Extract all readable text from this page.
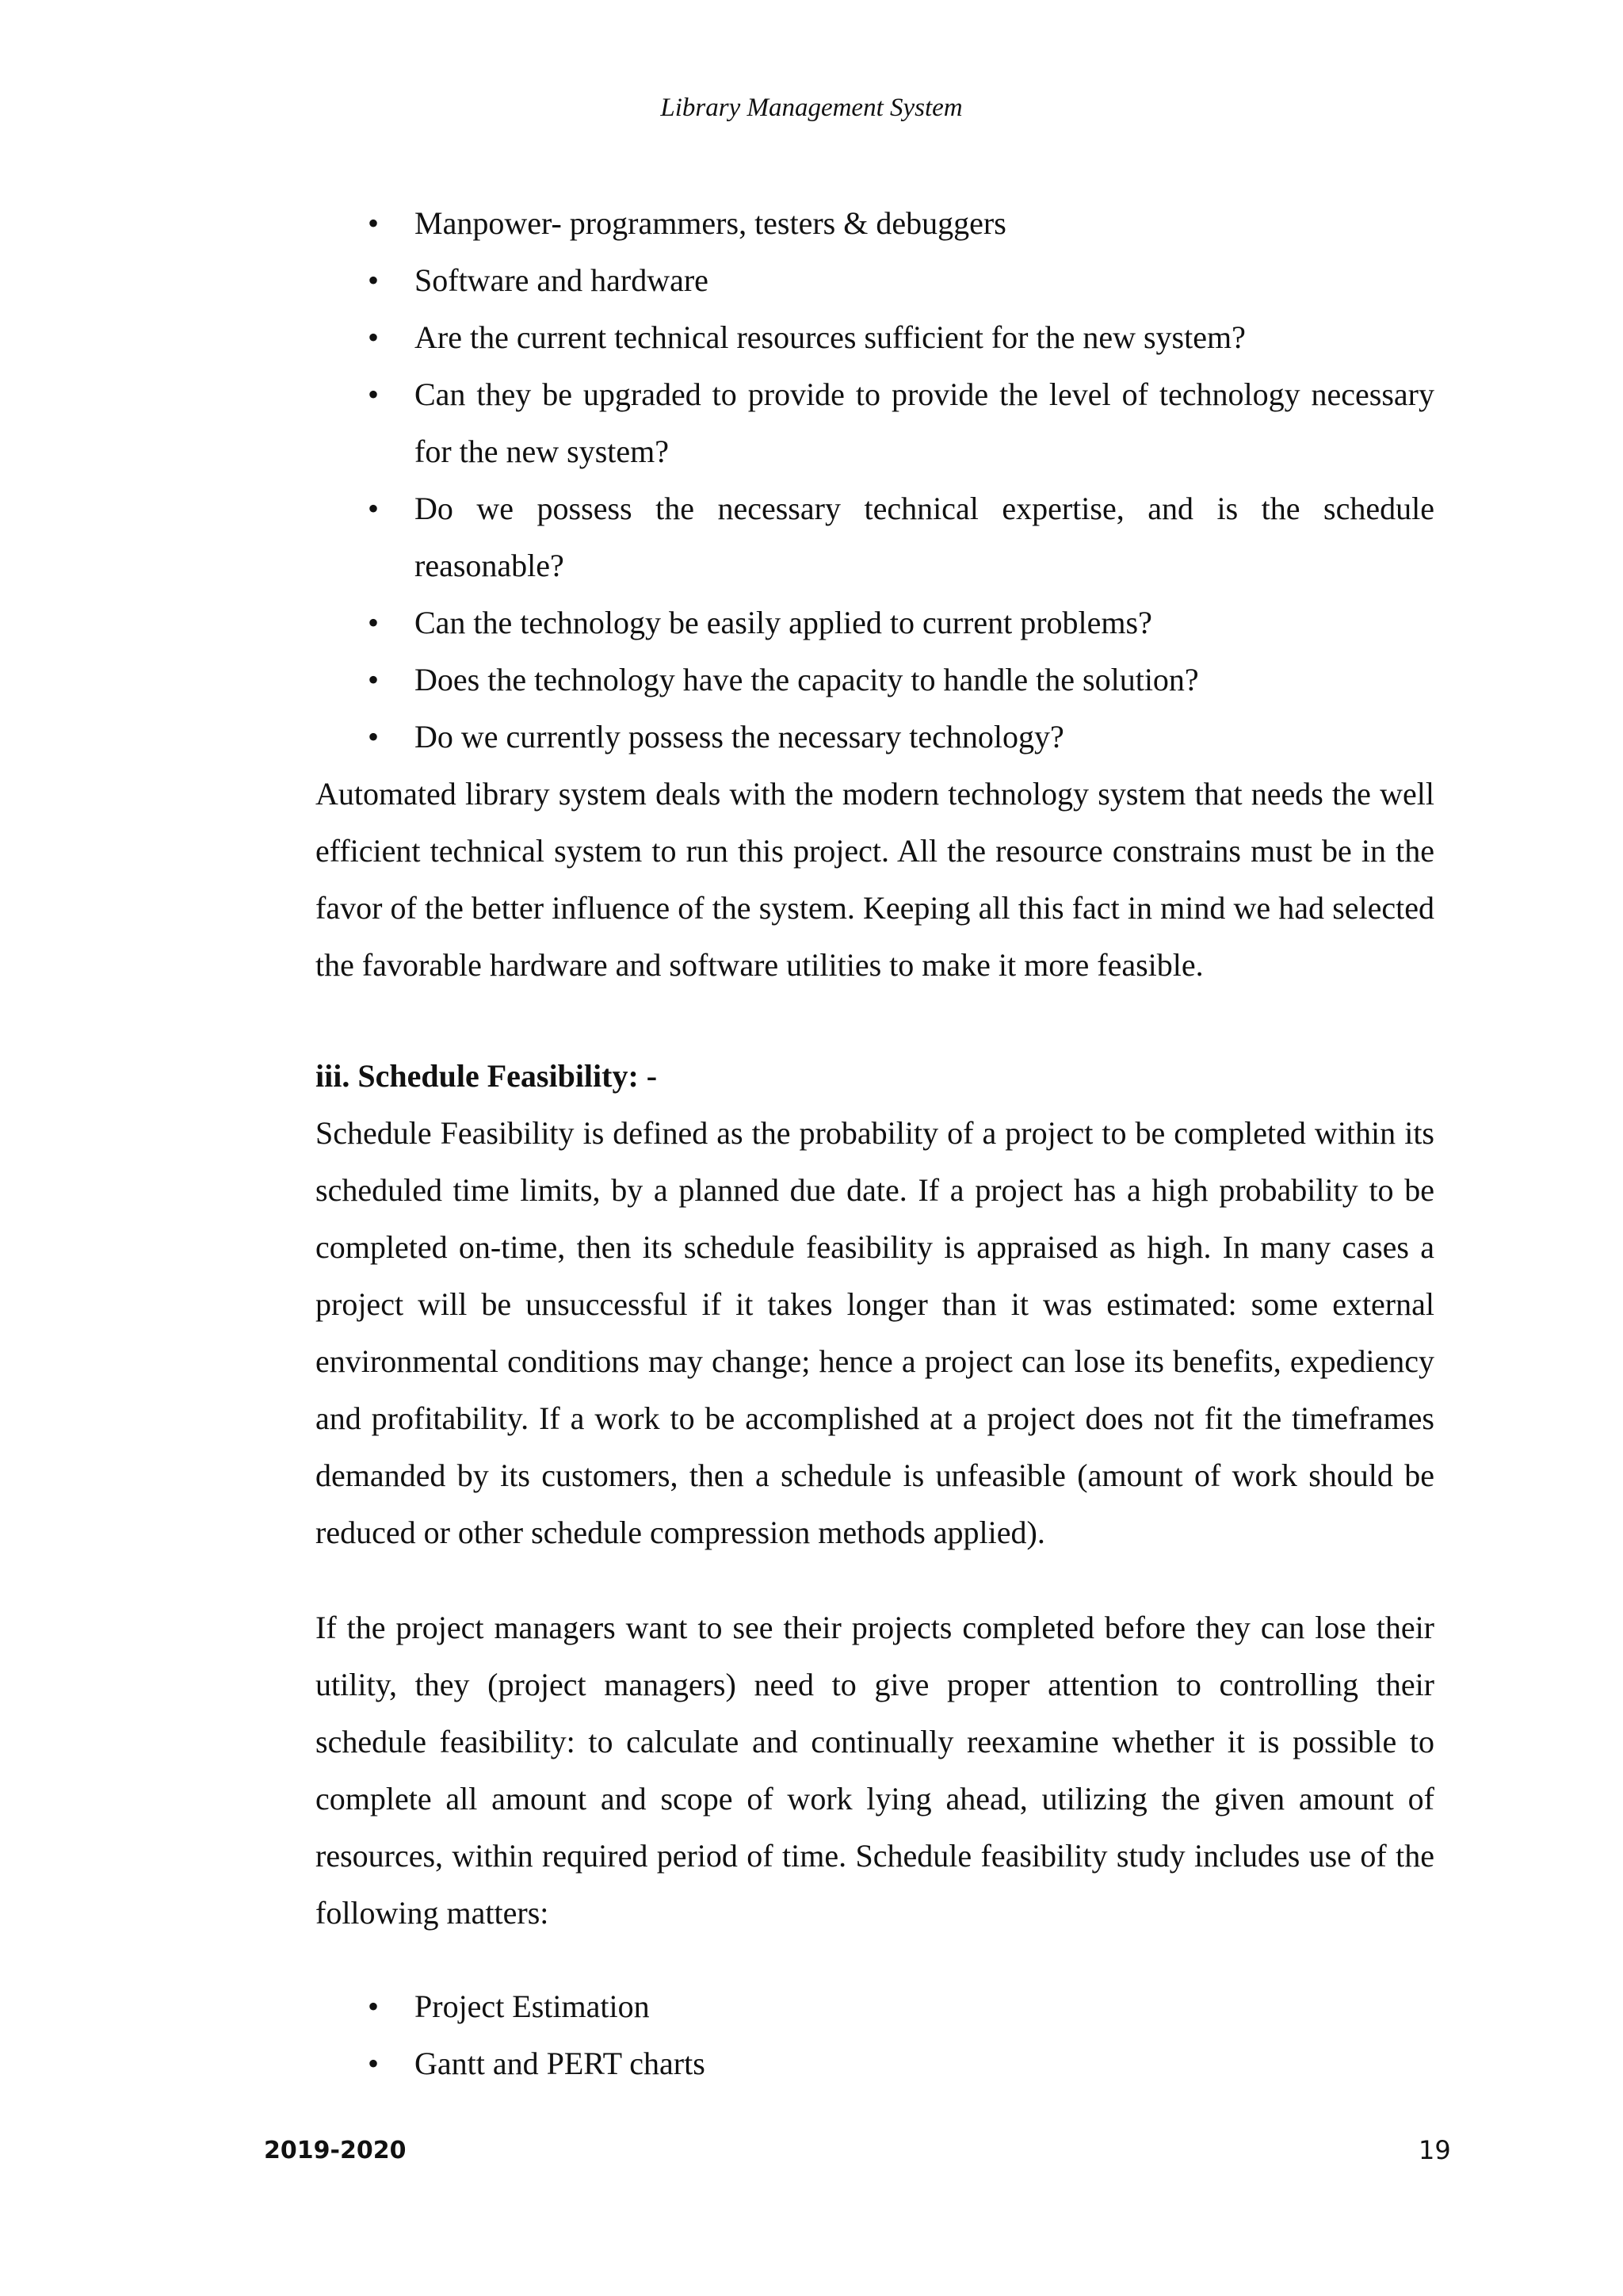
Library Management System
• Manpower- programmers, testers & debuggers
• Software and hardware
• Are the current technical resources sufficient for the new system?
• Can they be upgraded to provide to provide the level of technology necessary for the new system?
• Do we possess the necessary technical expertise, and is the schedule reasonable?
• Can the technology be easily applied to current problems?
• Does the technology have the capacity to handle the solution?
• Do we currently possess the necessary technology?

Automated library system deals with the modern technology system that needs the well efficient technical system to run this project. All the resource constrains must be in the favor of the better influence of the system. Keeping all this fact in mind we had selected the favorable hardware and software utilities to make it more feasible.

iii. Schedule Feasibility: -

Schedule Feasibility is defined as the probability of a project to be completed within its scheduled time limits, by a planned due date. If a project has a high probability to be completed on-time, then its schedule feasibility is appraised as high. In many cases a project will be unsuccessful if it takes longer than it was estimated: some external environmental conditions may change; hence a project can lose its benefits, expediency and profitability. If a work to be accomplished at a project does not fit the timeframes demanded by its customers, then a schedule is unfeasible (amount of work should be reduced or other schedule compression methods applied).

If the project managers want to see their projects completed before they can lose their utility, they (project managers) need to give proper attention to controlling their schedule feasibility: to calculate and continually reexamine whether it is possible to complete all amount and scope of work lying ahead, utilizing the given amount of resources, within required period of time. Schedule feasibility study includes use of the following matters:

• Project Estimation
• Gantt and PERT charts
2019-2020	19
